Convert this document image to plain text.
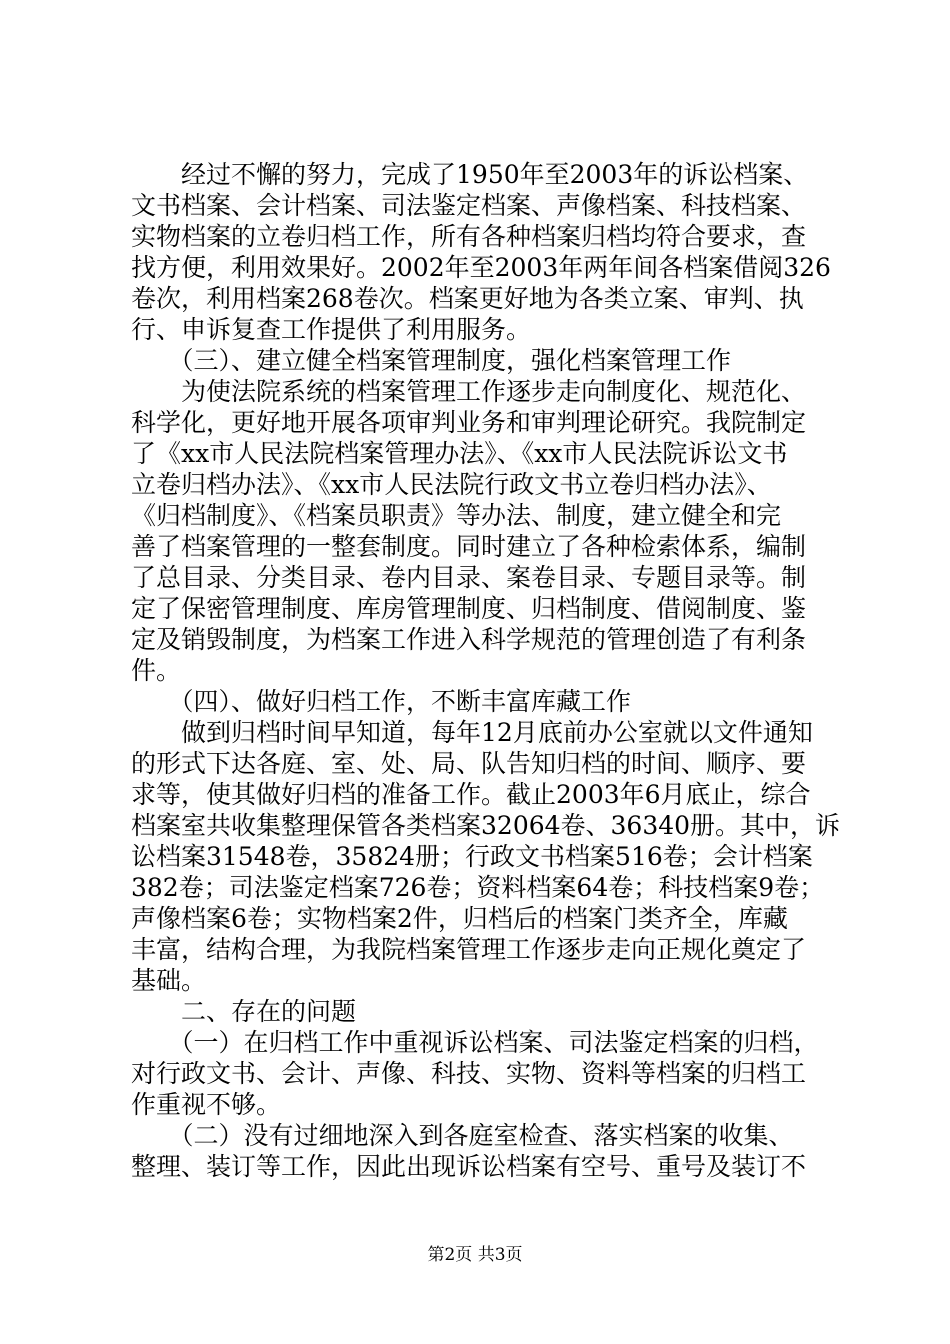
　　经过不懈的努力，完成了1950年至2003年的诉讼档案、

文书档案、会计档案、司法鉴定档案、声像档案、科技档案、

实物档案的立卷归档工作，所有各种档案归档均符合要求，查

找方便，利用效果好。2002年至2003年两年间各档案借阅326

卷次，利用档案268卷次。档案更好地为各类立案、审判、执

行、申诉复查工作提供了利用服务。

　　（三）、建立健全档案管理制度，强化档案管理工作

　　为使法院系统的档案管理工作逐步走向制度化、规范化、

科学化，更好地开展各项审判业务和审判理论研究。我院制定

了《xx市人民法院档案管理办法》、《xx市人民法院诉讼文书

立卷归档办法》、《xx市人民法院行政文书立卷归档办法》、

《归档制度》、《档案员职责》等办法、制度，建立健全和完

善了档案管理的一整套制度。同时建立了各种检索体系，编制

了总目录、分类目录、卷内目录、案卷目录、专题目录等。制

定了保密管理制度、库房管理制度、归档制度、借阅制度、鉴

定及销毁制度，为档案工作进入科学规范的管理创造了有利条

件。

　　（四）、做好归档工作，不断丰富库藏工作

　　做到归档时间早知道，每年12月底前办公室就以文件通知

的形式下达各庭、室、处、局、队告知归档的时间、顺序、要

求等，使其做好归档的准备工作。截止2003年6月底止，综合

档案室共收集整理保管各类档案32064卷、36340册。其中，诉

讼档案31548卷，35824册；行政文书档案516卷；会计档案

382卷；司法鉴定档案726卷；资料档案64卷；科技档案9卷；

声像档案6卷；实物档案2件，归档后的档案门类齐全，库藏

丰富，结构合理，为我院档案管理工作逐步走向正规化奠定了

基础。

　　二、存在的问题

　　（一）在归档工作中重视诉讼档案、司法鉴定档案的归档，

对行政文书、会计、声像、科技、实物、资料等档案的归档工

作重视不够。

　　（二）没有过细地深入到各庭室检查、落实档案的收集、

整理、装订等工作，因此出现诉讼档案有空号、重号及装订不

第2页 共3页
